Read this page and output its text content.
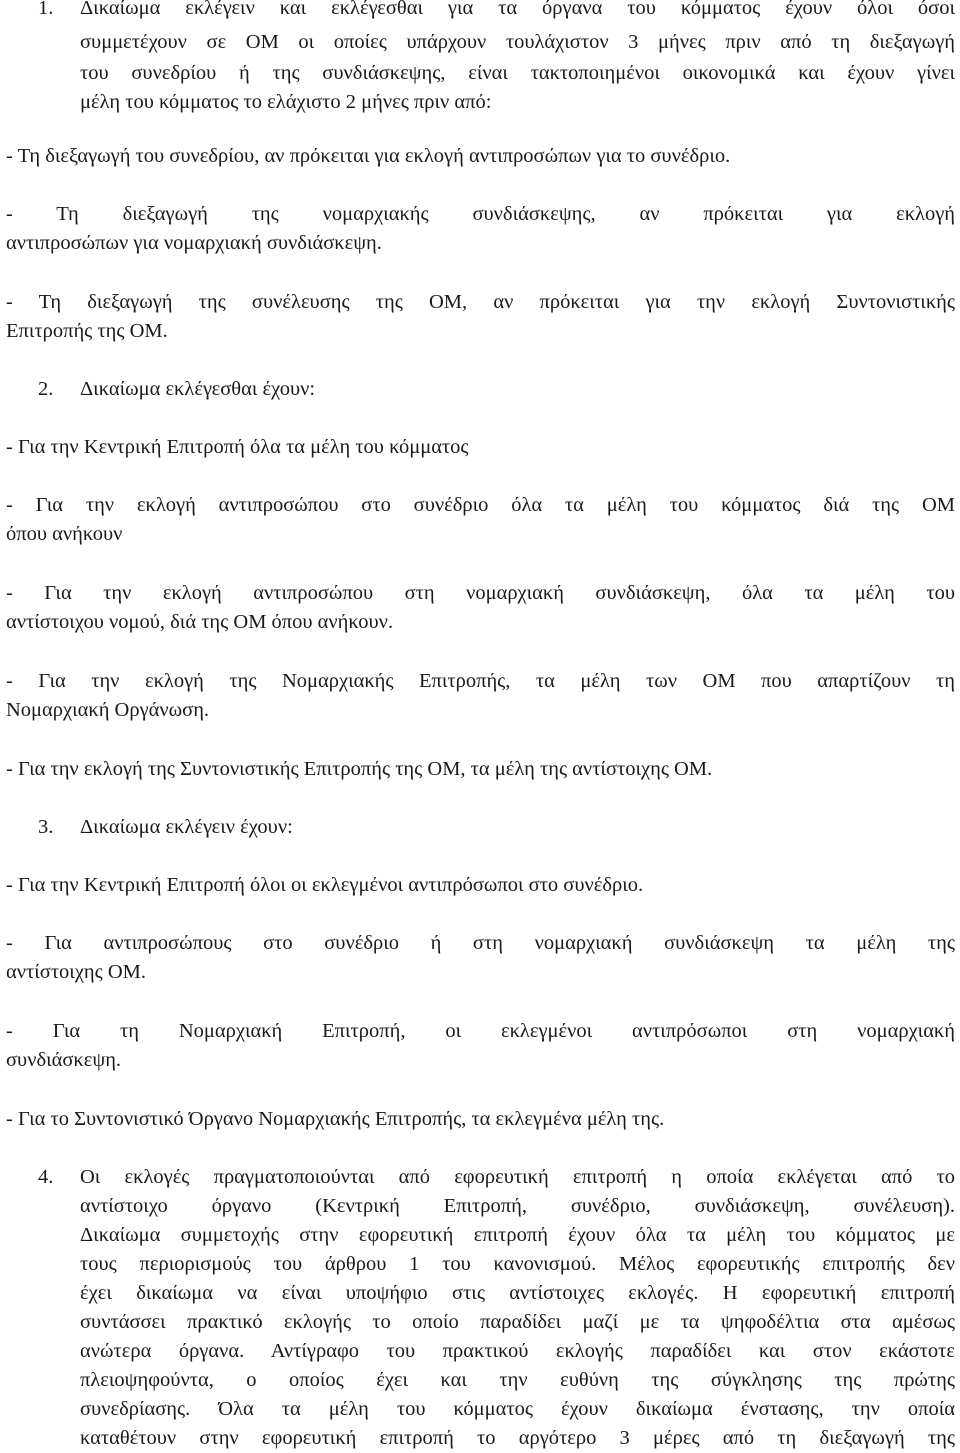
1. Δικαίωμα εκλέγειν και εκλέγεσθαι για τα όργανα του κόμματος έχουν όλοι όσοι
συμμετέχουν σε ΟΜ οι οποίες υπάρχουν τουλάχιστον 3 μήνες πριν από τη διεξαγωγή
του συνεδρίου ή της συνδιάσκεψης, είναι τακτοποιημένοι οικονομικά και έχουν γίνει
μέλη του κόμματος το ελάχιστο 2 μήνες πριν από:
- Τη διεξαγωγή του συνεδρίου, αν πρόκειται για εκλογή αντιπροσώπων για το συνέδριο.
- Τη διεξαγωγή της νομαρχιακής συνδιάσκεψης, αν πρόκειται για εκλογή
αντιπροσώπων για νομαρχιακή συνδιάσκεψη.
- Τη διεξαγωγή της συνέλευσης της ΟΜ, αν πρόκειται για την εκλογή Συντονιστικής
Επιτροπής της ΟΜ.
2. Δικαίωμα εκλέγεσθαι έχουν:
- Για την Κεντρική Επιτροπή όλα τα μέλη του κόμματος
- Για την εκλογή αντιπροσώπου στο συνέδριο όλα τα μέλη του κόμματος διά της ΟΜ
όπου ανήκουν
- Για την εκλογή αντιπροσώπου στη νομαρχιακή συνδιάσκεψη, όλα τα μέλη του
αντίστοιχου νομού, διά της ΟΜ όπου ανήκουν.
- Για την εκλογή της Νομαρχιακής Επιτροπής, τα μέλη των ΟΜ που απαρτίζουν τη
Νομαρχιακή Οργάνωση.
- Για την εκλογή της Συντονιστικής Επιτροπής της ΟΜ, τα μέλη της αντίστοιχης ΟΜ.
3. Δικαίωμα εκλέγειν έχουν:
- Για την Κεντρική Επιτροπή όλοι οι εκλεγμένοι αντιπρόσωποι στο συνέδριο.
- Για αντιπροσώπους στο συνέδριο ή στη νομαρχιακή συνδιάσκεψη τα μέλη της
αντίστοιχης ΟΜ.
- Για τη Νομαρχιακή Επιτροπή, οι εκλεγμένοι αντιπρόσωποι στη νομαρχιακή
συνδιάσκεψη.
- Για το Συντονιστικό Όργανο Νομαρχιακής Επιτροπής, τα εκλεγμένα μέλη της.
4. Οι εκλογές πραγματοποιούνται από εφορευτική επιτροπή η οποία εκλέγεται από το
αντίστοιχο όργανο (Κεντρική Επιτροπή, συνέδριο, συνδιάσκεψη, συνέλευση).
Δικαίωμα συμμετοχής στην εφορευτική επιτροπή έχουν όλα τα μέλη του κόμματος με
τους περιορισμούς του άρθρου 1 του κανονισμού. Μέλος εφορευτικής επιτροπής δεν
έχει δικαίωμα να είναι υποψήφιο στις αντίστοιχες εκλογές. Η εφορευτική επιτροπή
συντάσσει πρακτικό εκλογής το οποίο παραδίδει μαζί με τα ψηφοδέλτια στα αμέσως
ανώτερα όργανα. Αντίγραφο του πρακτικού εκλογής παραδίδει και στον εκάστοτε
πλειοψηφούντα, ο οποίος έχει και την ευθύνη της σύγκλησης της πρώτης
συνεδρίασης. Όλα τα μέλη του κόμματος έχουν δικαίωμα ένστασης, την οποία
καταθέτουν στην εφορευτική επιτροπή το αργότερο 3 μέρες από τη διεξαγωγή της
